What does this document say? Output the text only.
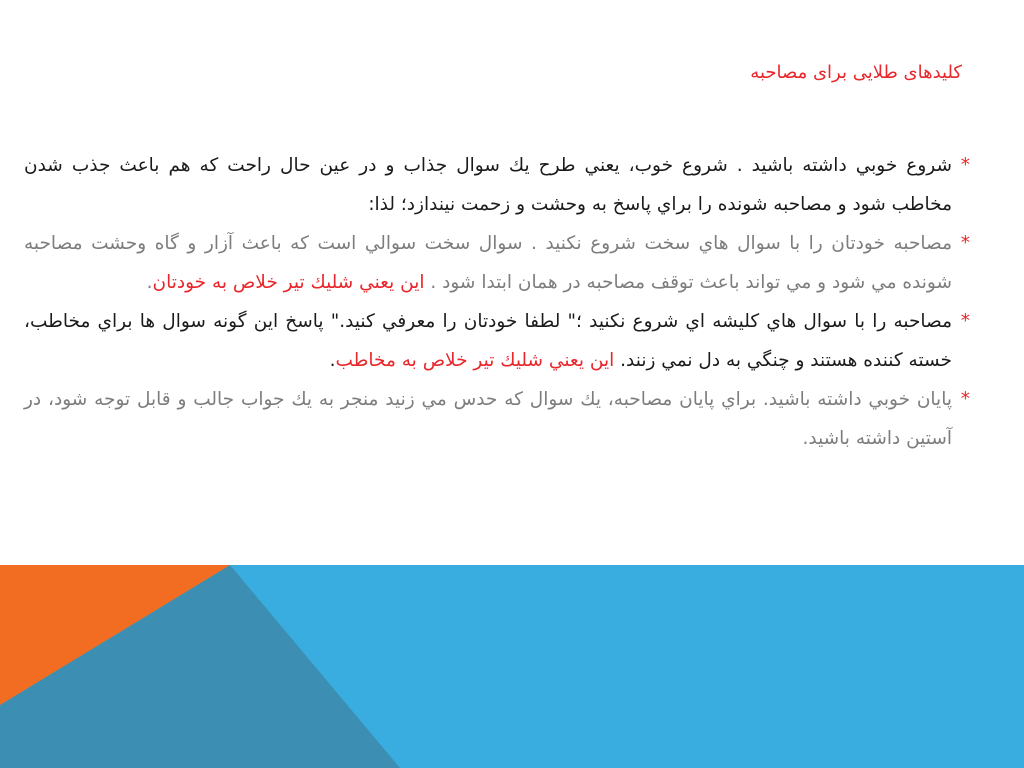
کلیدهای طلایی برای مصاحبه

*
شروع خوبي داشته باشيد . شروع خوب، يعني طرح يك سوال جذاب و در عين حال راحت كه هم باعث جذب شدن مخاطب شود و مصاحبه شونده را براي پاسخ به وحشت و زحمت نيندازد؛ لذا:

*
مصاحبه خودتان را با سوال هاي سخت شروع نكنيد . سوال سخت سوالي است كه باعث آزار و گاه وحشت مصاحبه شونده مي شود و مي تواند باعث توقف مصاحبه در همان ابتدا شود . اين يعني شليك تير خلاص به خودتان.

*
مصاحبه را با سوال هاي كليشه اي شروع نكنيد ؛" لطفا خودتان را معرفي كنيد." پاسخ اين گونه سوال ها براي مخاطب، خسته كننده هستند و چنگي به دل نمي زنند. اين يعني شليك تير خلاص به مخاطب.

*
پايان خوبي داشته باشيد. براي پايان مصاحبه، يك سوال كه حدس مي زنيد منجر به يك جواب جالب و قابل توجه شود، در آستين داشته باشيد.
